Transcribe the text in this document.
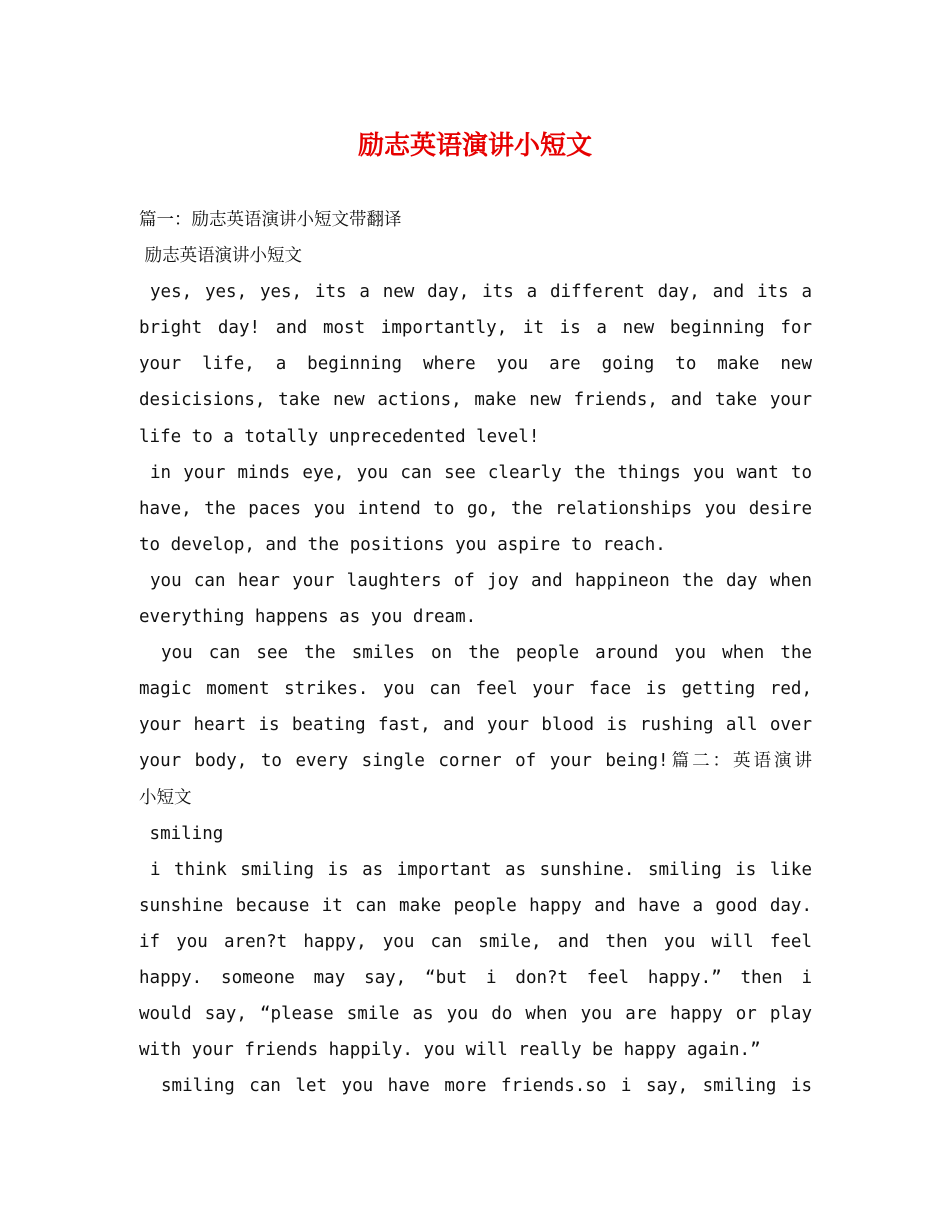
励志英语演讲小短文
篇一：励志英语演讲小短文带翻译
励志英语演讲小短文
yes, yes, yes, its a new day, its a different day, and its a
bright day! and most importantly, it is a new beginning for
your life, a beginning where you are going to make new
desicisions, take new actions, make new friends, and take your
life to a totally unprecedented level!
in your minds eye, you can see clearly the things you want to
have, the paces you intend to go, the relationships you desire
to develop, and the positions you aspire to reach.
you can hear your laughters of joy and happineon the day when
everything happens as you dream.
you can see the smiles on the people around you when the
magic moment strikes. you can feel your face is getting red,
your heart is beating fast, and your blood is rushing all over
your body, to every single corner of your being!篇二：英语演讲
小短文
smiling
i think smiling is as important as sunshine. smiling is like
sunshine because it can make people happy and have a good day.
if you aren?t happy, you can smile, and then you will feel
happy. someone may say, “but i don?t feel happy.” then i
would say, “please smile as you do when you are happy or play
with your friends happily. you will really be happy again.”
smiling can let you have more friends.so i say, smiling is
